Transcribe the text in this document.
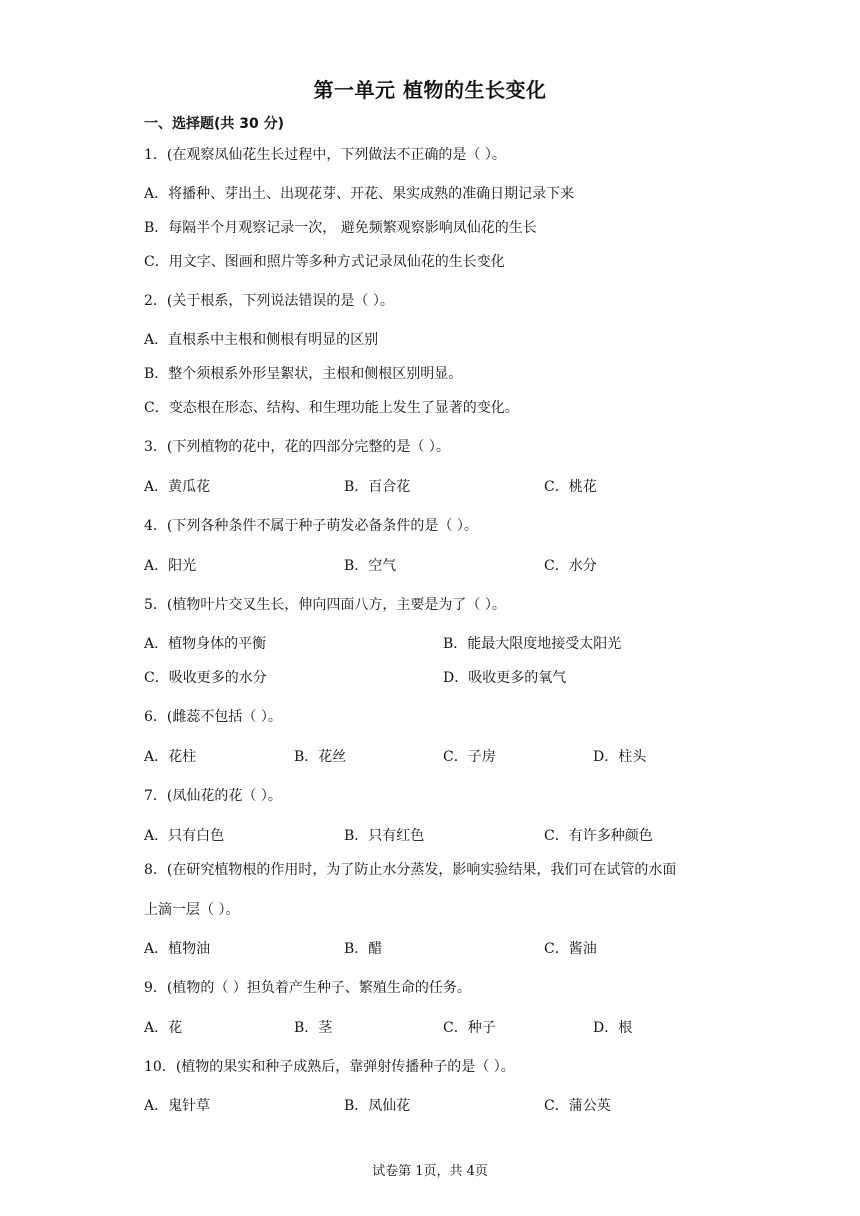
第一单元 植物的生长变化
一、选择题(共 30 分)
1．(在观察凤仙花生长过程中，下列做法不正确的是（ ）。
A．将播种、芽出土、出现花芽、开花、果实成熟的准确日期记录下来
B．每隔半个月观察记录一次， 避免频繁观察影响凤仙花的生长
C．用文字、图画和照片等多种方式记录凤仙花的生长变化
2．(关于根系，下列说法错误的是（ ）。
A．直根系中主根和侧根有明显的区别
B．整个须根系外形呈絮状，主根和侧根区别明显。
C．变态根在形态、结构、和生理功能上发生了显著的变化。
3．(下列植物的花中，花的四部分完整的是（ ）。
A．黄瓜花	B．百合花	C．桃花
4．(下列各种条件不属于种子萌发必备条件的是（ ）。
A．阳光	B．空气	C．水分
5．(植物叶片交叉生长，伸向四面八方，主要是为了（ ）。
A．植物身体的平衡	B．能最大限度地接受太阳光
C．吸收更多的水分	D．吸收更多的氧气
6．(雌蕊不包括（ ）。
A．花柱	B．花丝	C．子房	D．柱头
7．(凤仙花的花（ ）。
A．只有白色	B．只有红色	C．有许多种颜色
8．(在研究植物根的作用时，为了防止水分蒸发，影响实验结果，我们可在试管的水面
上滴一层（ ）。
A．植物油	B．醋	C．酱油
9．(植物的（ ）担负着产生种子、繁殖生命的任务。
A．花	B．茎	C．种子	D．根
10．(植物的果实和种子成熟后，靠弹射传播种子的是（ ）。
A．鬼针草	B．凤仙花	C．蒲公英
试卷第 1页，共 4页
